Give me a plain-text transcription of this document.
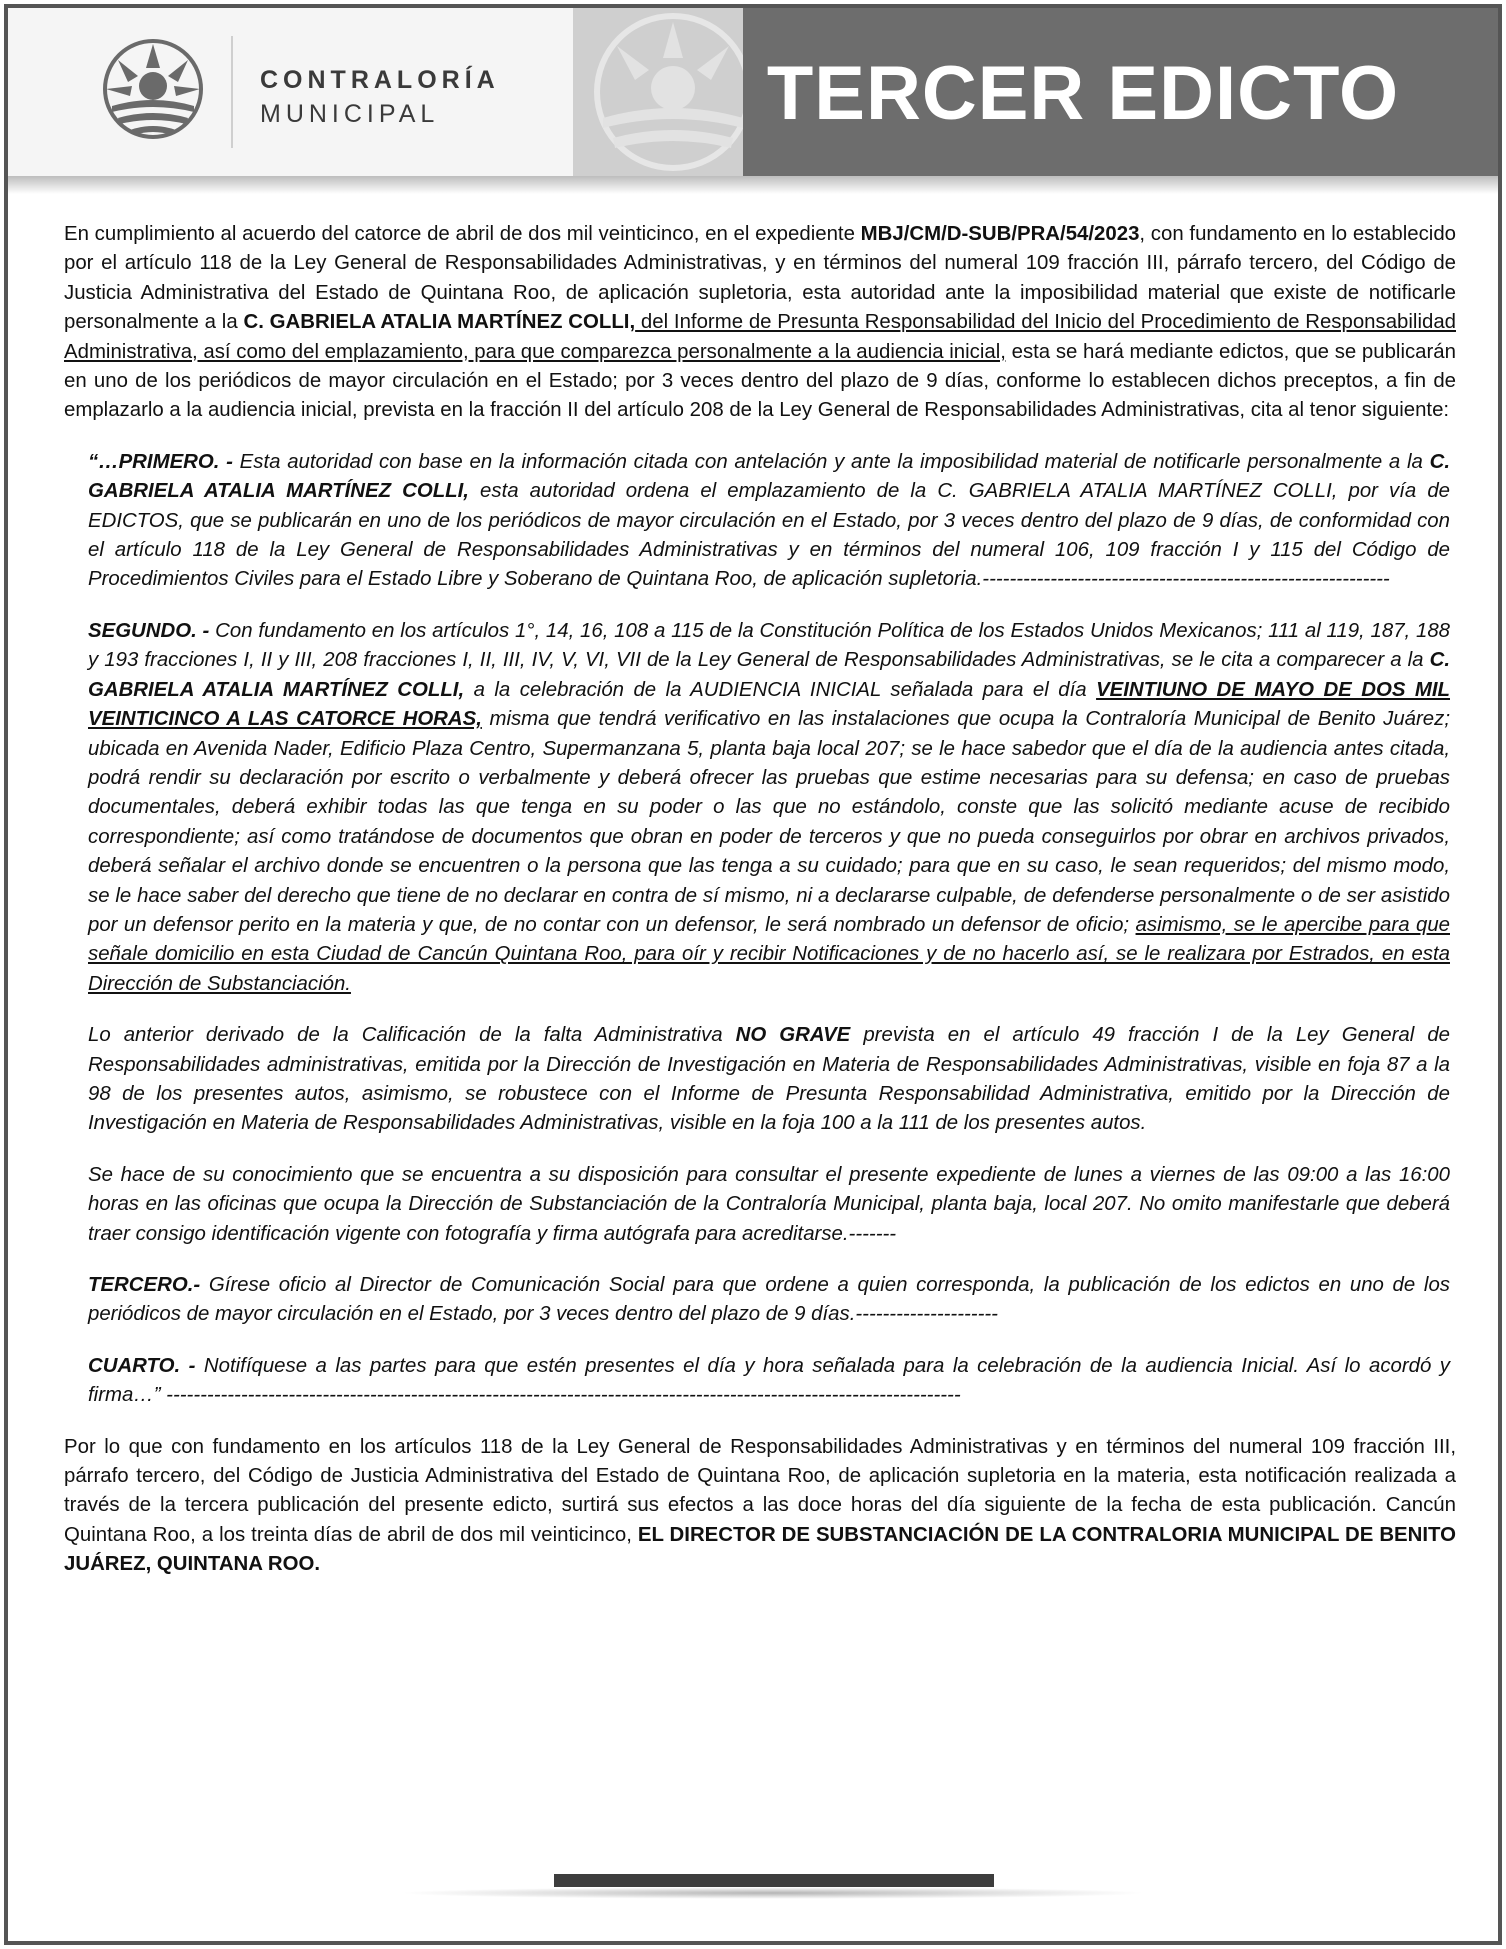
CONTRALORÍA
MUNICIPAL	TERCER EDICTO

En cumplimiento al acuerdo del catorce de abril de dos mil veinticinco, en el expediente MBJ/CM/D-SUB/PRA/54/2023, con fundamento en lo establecido por el artículo 118 de la Ley General de Responsabilidades Administrativas, y en términos del numeral 109 fracción III, párrafo tercero, del Código de Justicia Administrativa del Estado de Quintana Roo, de aplicación supletoria, esta autoridad ante la imposibilidad material que existe de notificarle personalmente a la C. GABRIELA ATALIA MARTÍNEZ COLLI, del Informe de Presunta Responsabilidad del Inicio del Procedimiento de Responsabilidad Administrativa, así como del emplazamiento, para que comparezca personalmente a la audiencia inicial, esta se hará mediante edictos, que se publicarán en uno de los periódicos de mayor circulación en el Estado; por 3 veces dentro del plazo de 9 días, conforme lo establecen dichos preceptos, a fin de emplazarlo a la audiencia inicial, prevista en la fracción II del artículo 208 de la Ley General de Responsabilidades Administrativas, cita al tenor siguiente:

“…PRIMERO. - Esta autoridad con base en la información citada con antelación y ante la imposibilidad material de notificarle personalmente a la C. GABRIELA ATALIA MARTÍNEZ COLLI, esta autoridad ordena el emplazamiento de la C. GABRIELA ATALIA MARTÍNEZ COLLI, por vía de EDICTOS, que se publicarán en uno de los periódicos de mayor circulación en el Estado, por 3 veces dentro del plazo de 9 días, de conformidad con el artículo 118 de la Ley General de Responsabilidades Administrativas y en términos del numeral 106, 109 fracción I y 115 del Código de Procedimientos Civiles para el Estado Libre y Soberano de Quintana Roo, de aplicación supletoria.------------------------------------------------------------

SEGUNDO. - Con fundamento en los artículos 1°, 14, 16, 108 a 115 de la Constitución Política de los Estados Unidos Mexicanos; 111 al 119, 187, 188 y 193 fracciones I, II y III, 208 fracciones I, II, III, IV, V, VI, VII de la Ley General de Responsabilidades Administrativas, se le cita a comparecer a la C. GABRIELA ATALIA MARTÍNEZ COLLI, a la celebración de la AUDIENCIA INICIAL señalada para el día VEINTIUNO DE MAYO DE DOS MIL VEINTICINCO A LAS CATORCE HORAS, misma que tendrá verificativo en las instalaciones que ocupa la Contraloría Municipal de Benito Juárez; ubicada en Avenida Nader, Edificio Plaza Centro, Supermanzana 5, planta baja local 207; se le hace sabedor que el día de la audiencia antes citada, podrá rendir su declaración por escrito o verbalmente y deberá ofrecer las pruebas que estime necesarias para su defensa; en caso de pruebas documentales, deberá exhibir todas las que tenga en su poder o las que no estándolo, conste que las solicitó mediante acuse de recibido correspondiente; así como tratándose de documentos que obran en poder de terceros y que no pueda conseguirlos por obrar en archivos privados, deberá señalar el archivo donde se encuentren o la persona que las tenga a su cuidado; para que en su caso, le sean requeridos; del mismo modo, se le hace saber del derecho que tiene de no declarar en contra de sí mismo, ni a declararse culpable, de defenderse personalmente o de ser asistido por un defensor perito en la materia y que, de no contar con un defensor, le será nombrado un defensor de oficio; asimismo, se le apercibe para que señale domicilio en esta Ciudad de Cancún Quintana Roo, para oír y recibir Notificaciones y de no hacerlo así, se le realizara por Estrados, en esta Dirección de Substanciación.

Lo anterior derivado de la Calificación de la falta Administrativa NO GRAVE prevista en el artículo 49 fracción I de la Ley General de Responsabilidades administrativas, emitida por la Dirección de Investigación en Materia de Responsabilidades Administrativas, visible en foja 87 a la 98 de los presentes autos, asimismo, se robustece con el Informe de Presunta Responsabilidad Administrativa, emitido por la Dirección de Investigación en Materia de Responsabilidades Administrativas, visible en la foja 100 a la 111 de los presentes autos.

Se hace de su conocimiento que se encuentra a su disposición para consultar el presente expediente de lunes a viernes de las 09:00 a las 16:00 horas en las oficinas que ocupa la Dirección de Substanciación de la Contraloría Municipal, planta baja, local 207. No omito manifestarle que deberá traer consigo identificación vigente con fotografía y firma autógrafa para acreditarse.-------

TERCERO.- Gírese oficio al Director de Comunicación Social para que ordene a quien corresponda, la publicación de los edictos en uno de los periódicos de mayor circulación en el Estado, por 3 veces dentro del plazo de 9 días.---------------------

CUARTO. - Notifíquese a las partes para que estén presentes el día y hora señalada para la celebración de la audiencia Inicial. Así lo acordó y firma…” ---------------------------------------------------------------------------------------------------------------------

Por lo que con fundamento en los artículos 118 de la Ley General de Responsabilidades Administrativas y en términos del numeral 109 fracción III, párrafo tercero, del Código de Justicia Administrativa del Estado de Quintana Roo, de aplicación supletoria en la materia, esta notificación realizada a través de la tercera publicación del presente edicto, surtirá sus efectos a las doce horas del día siguiente de la fecha de esta publicación. Cancún Quintana Roo, a los treinta días de abril de dos mil veinticinco, EL DIRECTOR DE SUBSTANCIACIÓN DE LA CONTRALORIA MUNICIPAL DE BENITO JUÁREZ, QUINTANA ROO.
